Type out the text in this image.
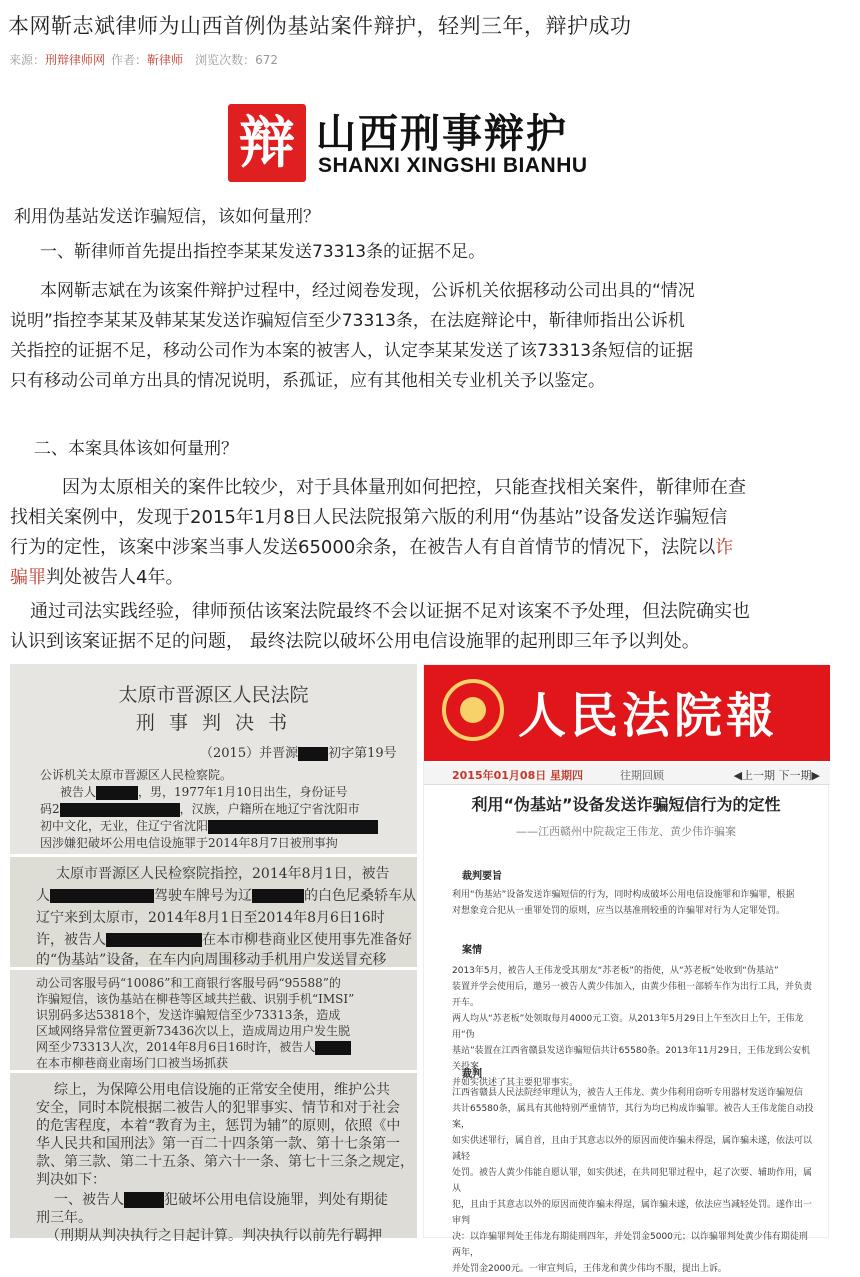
本网靳志斌律师为山西首例伪基站案件辩护，轻判三年，辩护成功
来源：刑辩律师网 作者：靳律师 浏览次数：672
辩 山西刑事辩护
SHANXI XINGSHI BIANHU
利用伪基站发送诈骗短信，该如何量刑？
一、靳律师首先提出指控李某某发送73313条的证据不足。
本网靳志斌在为该案件辩护过程中，经过阅卷发现，公诉机关依据移动公司出具的“情况
说明”指控李某某及韩某某发送诈骗短信至少73313条，在法庭辩论中，靳律师指出公诉机
关指控的证据不足，移动公司作为本案的被害人，认定李某某发送了该73313条短信的证据
只有移动公司单方出具的情况说明，系孤证，应有其他相关专业机关予以鉴定。
二、本案具体该如何量刑？
因为太原相关的案件比较少，对于具体量刑如何把控，只能查找相关案件，靳律师在查
找相关案例中，发现于2015年1月8日人民法院报第六版的利用“伪基站”设备发送诈骗短信
行为的定性，该案中涉案当事人发送65000余条，在被告人有自首情节的情况下，法院以诈
骗罪判处被告人4年。
通过司法实践经验，律师预估该案法院最终不会以证据不足对该案不予处理，但法院确实也
认识到该案证据不足的问题， 最终法院以破坏公用电信设施罪的起刑即三年予以判处。
太原市晋源区人民法院
刑 事 判 决 书
（2015）并晋源 初字第19号
公诉机关太原市晋源区人民检察院。
被告人	，男，1977年1月10日出生，身份证号
码2	，汉族，户籍所在地辽宁省沈阳市
初中文化，无业，住辽宁省沈阳
因涉嫌犯破坏公用电信设施罪于2014年8月7日被刑事拘
太原市晋源区人民检察院指控，2014年8月1日，被告
人	驾驶车牌号为辽	的白色尼桑轿车从
辽宁来到太原市，2014年8月1日至2014年8月6日16时
许，被告人	在本市柳巷商业区使用事先准备好
的“伪基站”设备，在车内向周围移动手机用户发送冒充移
动公司客服号码“10086”和工商银行客服号码“95588”的
诈骗短信，该伪基站在柳巷等区域共拦截、识别手机“IMSI”
识别码多达53818个，发送诈骗短信至少73313条，造成
区域网络异常位置更新73436次以上，造成周边用户发生脱
网至少73313人次，2014年8月6日16时许，被告人
在本市柳巷商业南场门口被当场抓获
综上，为保障公用电信设施的正常安全使用，维护公共
安全，同时本院根据二被告人的犯罪事实、情节和对于社会
的危害程度，本着“教育为主，惩罚为辅”的原则，依照《中
华人民共和国刑法》第一百二十四条第一款、第十七条第一
款、第三款、第二十五条、第六十一条、第七十三条之规定，
判决如下：
一、被告人	犯破坏公用电信设施罪，判处有期徒
刑三年。
（刑期从判决执行之日起计算。判决执行以前先行羁押
人民法院報
2015年01月08日 星期四	往期回顾	◀上一期 下一期▶
利用“伪基站”设备发送诈骗短信行为的定性
——江西赣州中院裁定王伟龙、黄少伟诈骗案
裁判要旨
利用“伪基站”设备发送诈骗短信的行为，同时构成破坏公用电信设施罪和诈骗罪，根据
对想象竞合犯从一重罪处罚的原则，应当以基准刑较重的诈骗罪对行为人定罪处罚。
案情
2013年5月，被告人王伟龙受其朋友“苏老板”的指使，从“苏老板”处收到“伪基站”
装置并学会使用后，邀另一被告人黄少伟加入，由黄少伟租一部轿车作为出行工具，并负责开车。
两人均从“苏老板”处领取每月4000元工资。从2013年5月29日上午至次日上午，王伟龙用“伪
基站”装置在江西省赣县发送诈骗短信共计65580条。2013年11月29日，王伟龙到公安机关投案，
并如实供述了其主要犯罪事实。
裁判
江西省赣县人民法院经审理认为，被告人王伟龙、黄少伟利用窃听专用器材发送诈骗短信
共计65580条，属具有其他特别严重情节，其行为均已构成诈骗罪。被告人王伟龙能自动投案，
如实供述罪行，属自首，且由于其意志以外的原因而使诈骗未得逞，属诈骗未遂，依法可以减轻
处罚。被告人黄少伟能自愿认罪，如实供述，在共同犯罪过程中，起了次要、辅助作用，属从
犯，且由于其意志以外的原因而使诈骗未得逞，属诈骗未遂，依法应当减轻处罚。遂作出一审判
决：以诈骗罪判处王伟龙有期徒刑四年，并处罚金5000元；以诈骗罪判处黄少伟有期徒刑两年，
并处罚金2000元。一审宣判后，王伟龙和黄少伟均不服，提出上诉。
